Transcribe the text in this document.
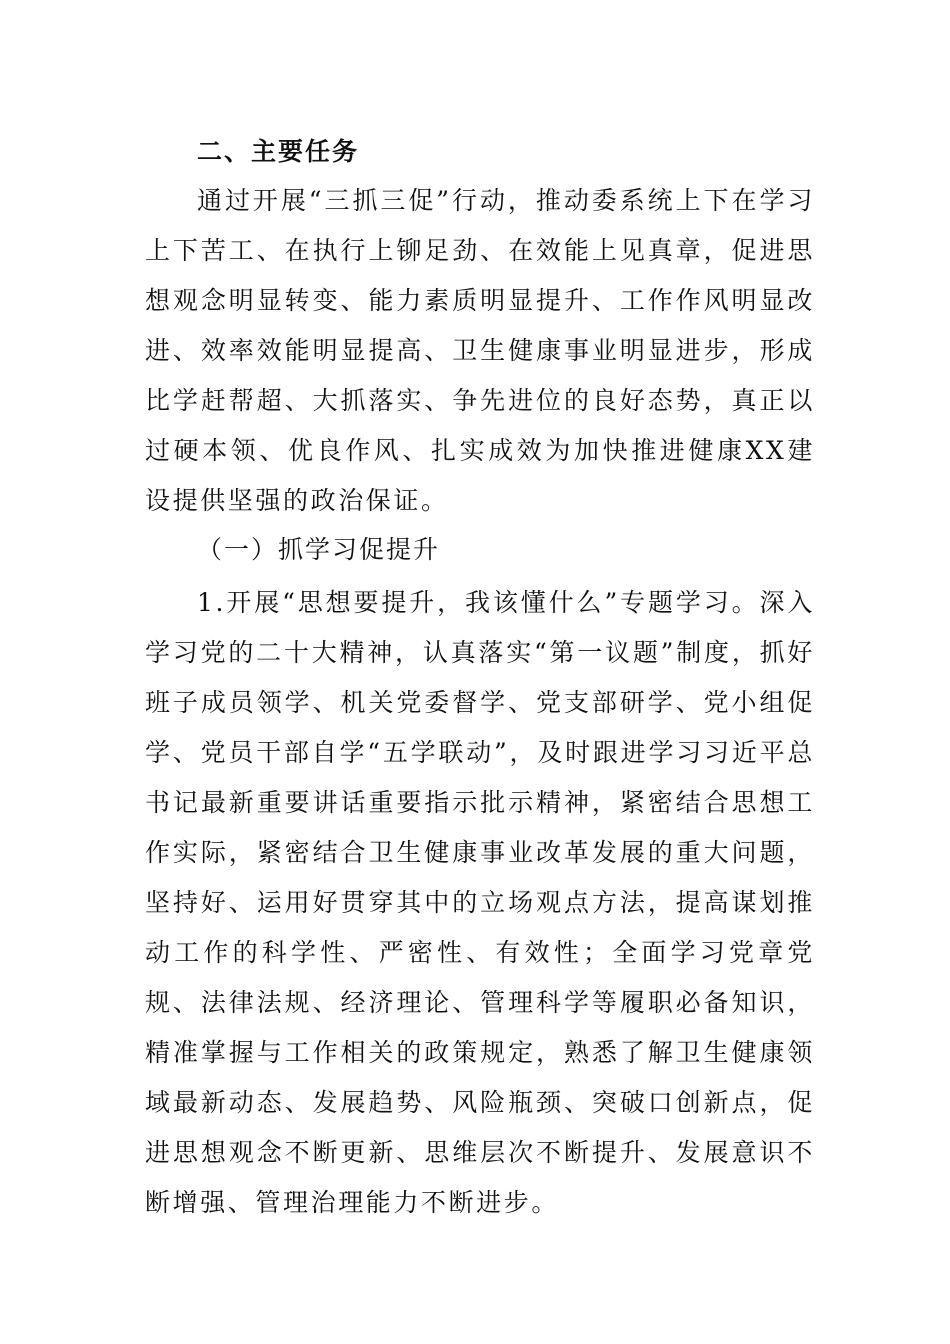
二、主要任务

通过开展“三抓三促”行动，推动委系统上下在学习上下苦工、在执行上铆足劲、在效能上见真章，促进思想观念明显转变、能力素质明显提升、工作作风明显改进、效率效能明显提高、卫生健康事业明显进步，形成比学赶帮超、大抓落实、争先进位的良好态势，真正以过硬本领、优良作风、扎实成效为加快推进健康XX建设提供坚强的政治保证。

（一）抓学习促提升

1.开展“思想要提升，我该懂什么”专题学习。深入学习党的二十大精神，认真落实“第一议题”制度，抓好班子成员领学、机关党委督学、党支部研学、党小组促学、党员干部自学“五学联动”，及时跟进学习习近平总书记最新重要讲话重要指示批示精神，紧密结合思想工作实际，紧密结合卫生健康事业改革发展的重大问题，坚持好、运用好贯穿其中的立场观点方法，提高谋划推动工作的科学性、严密性、有效性；全面学习党章党规、法律法规、经济理论、管理科学等履职必备知识，精准掌握与工作相关的政策规定，熟悉了解卫生健康领域最新动态、发展趋势、风险瓶颈、突破口创新点，促进思想观念不断更新、思维层次不断提升、发展意识不断增强、管理治理能力不断进步。
